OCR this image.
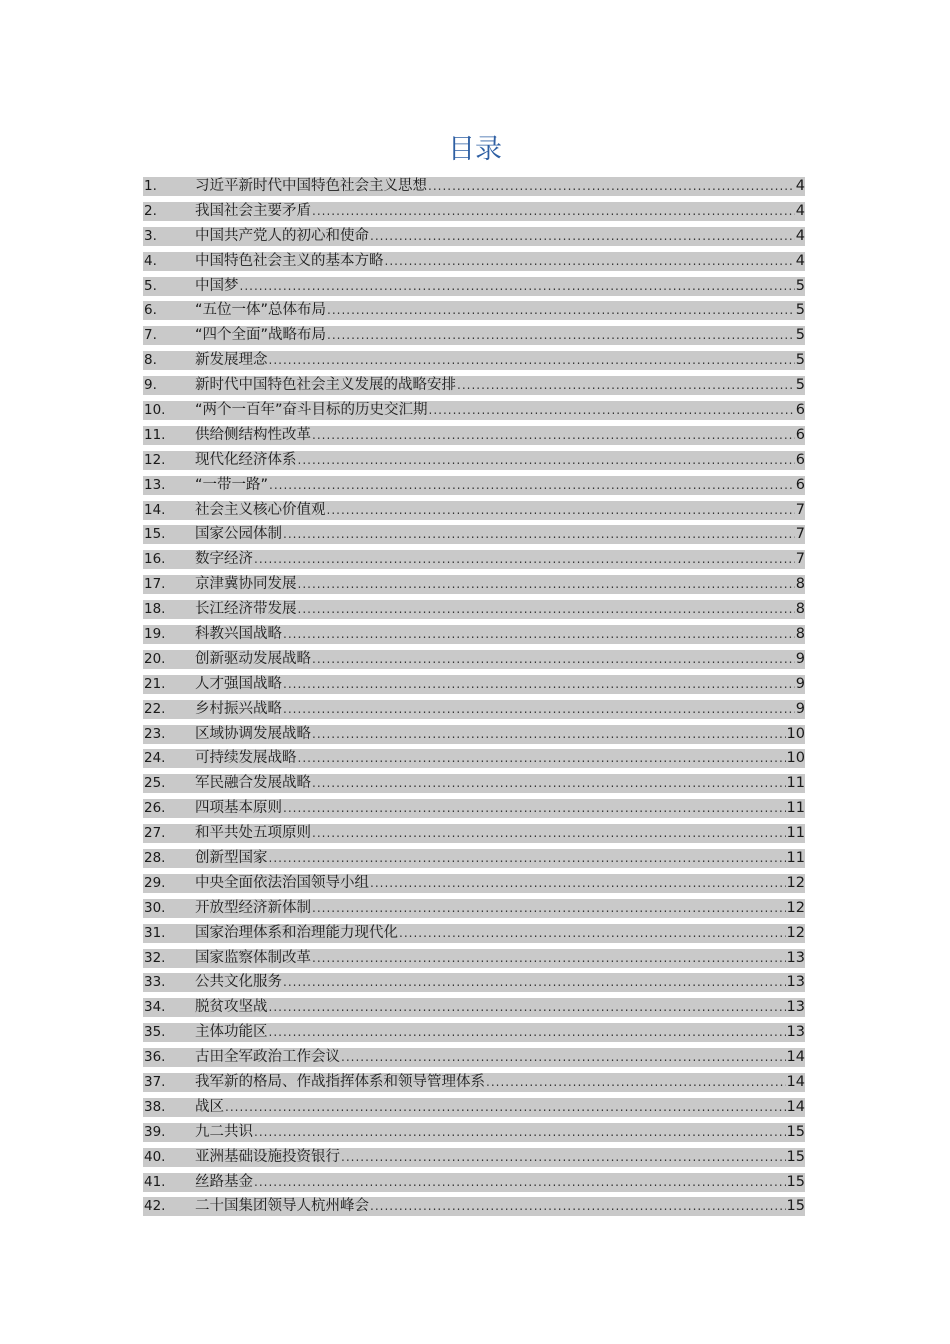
目录
1.	习近平新时代中国特色社会主义思想 .....	4
2.	我国社会主要矛盾 .....	4
3.	中国共产党人的初心和使命 .....	4
4.	中国特色社会主义的基本方略 .....	4
5.	中国梦 .....	5
6.	“五位一体”总体布局 .....	5
7.	“四个全面”战略布局 .....	5
8.	新发展理念 .....	5
9.	新时代中国特色社会主义发展的战略安排 .....	5
10.	“两个一百年”奋斗目标的历史交汇期 .....	6
11.	供给侧结构性改革 .....	6
12.	现代化经济体系 .....	6
13.	“一带一路” .....	6
14.	社会主义核心价值观 .....	7
15.	国家公园体制 .....	7
16.	数字经济 .....	7
17.	京津冀协同发展 .....	8
18.	长江经济带发展 .....	8
19.	科教兴国战略 .....	8
20.	创新驱动发展战略 .....	9
21.	人才强国战略 .....	9
22.	乡村振兴战略 .....	9
23.	区域协调发展战略 .....	10
24.	可持续发展战略 .....	10
25.	军民融合发展战略 .....	11
26.	四项基本原则 .....	11
27.	和平共处五项原则 .....	11
28.	创新型国家 .....	11
29.	中央全面依法治国领导小组 .....	12
30.	开放型经济新体制 .....	12
31.	国家治理体系和治理能力现代化 .....	12
32.	国家监察体制改革 .....	13
33.	公共文化服务 .....	13
34.	脱贫攻坚战 .....	13
35.	主体功能区 .....	13
36.	古田全军政治工作会议 .....	14
37.	我军新的格局、作战指挥体系和领导管理体系 .....	14
38.	战区 .....	14
39.	九二共识 .....	15
40.	亚洲基础设施投资银行 .....	15
41.	丝路基金 .....	15
42.	二十国集团领导人杭州峰会 .....	15
